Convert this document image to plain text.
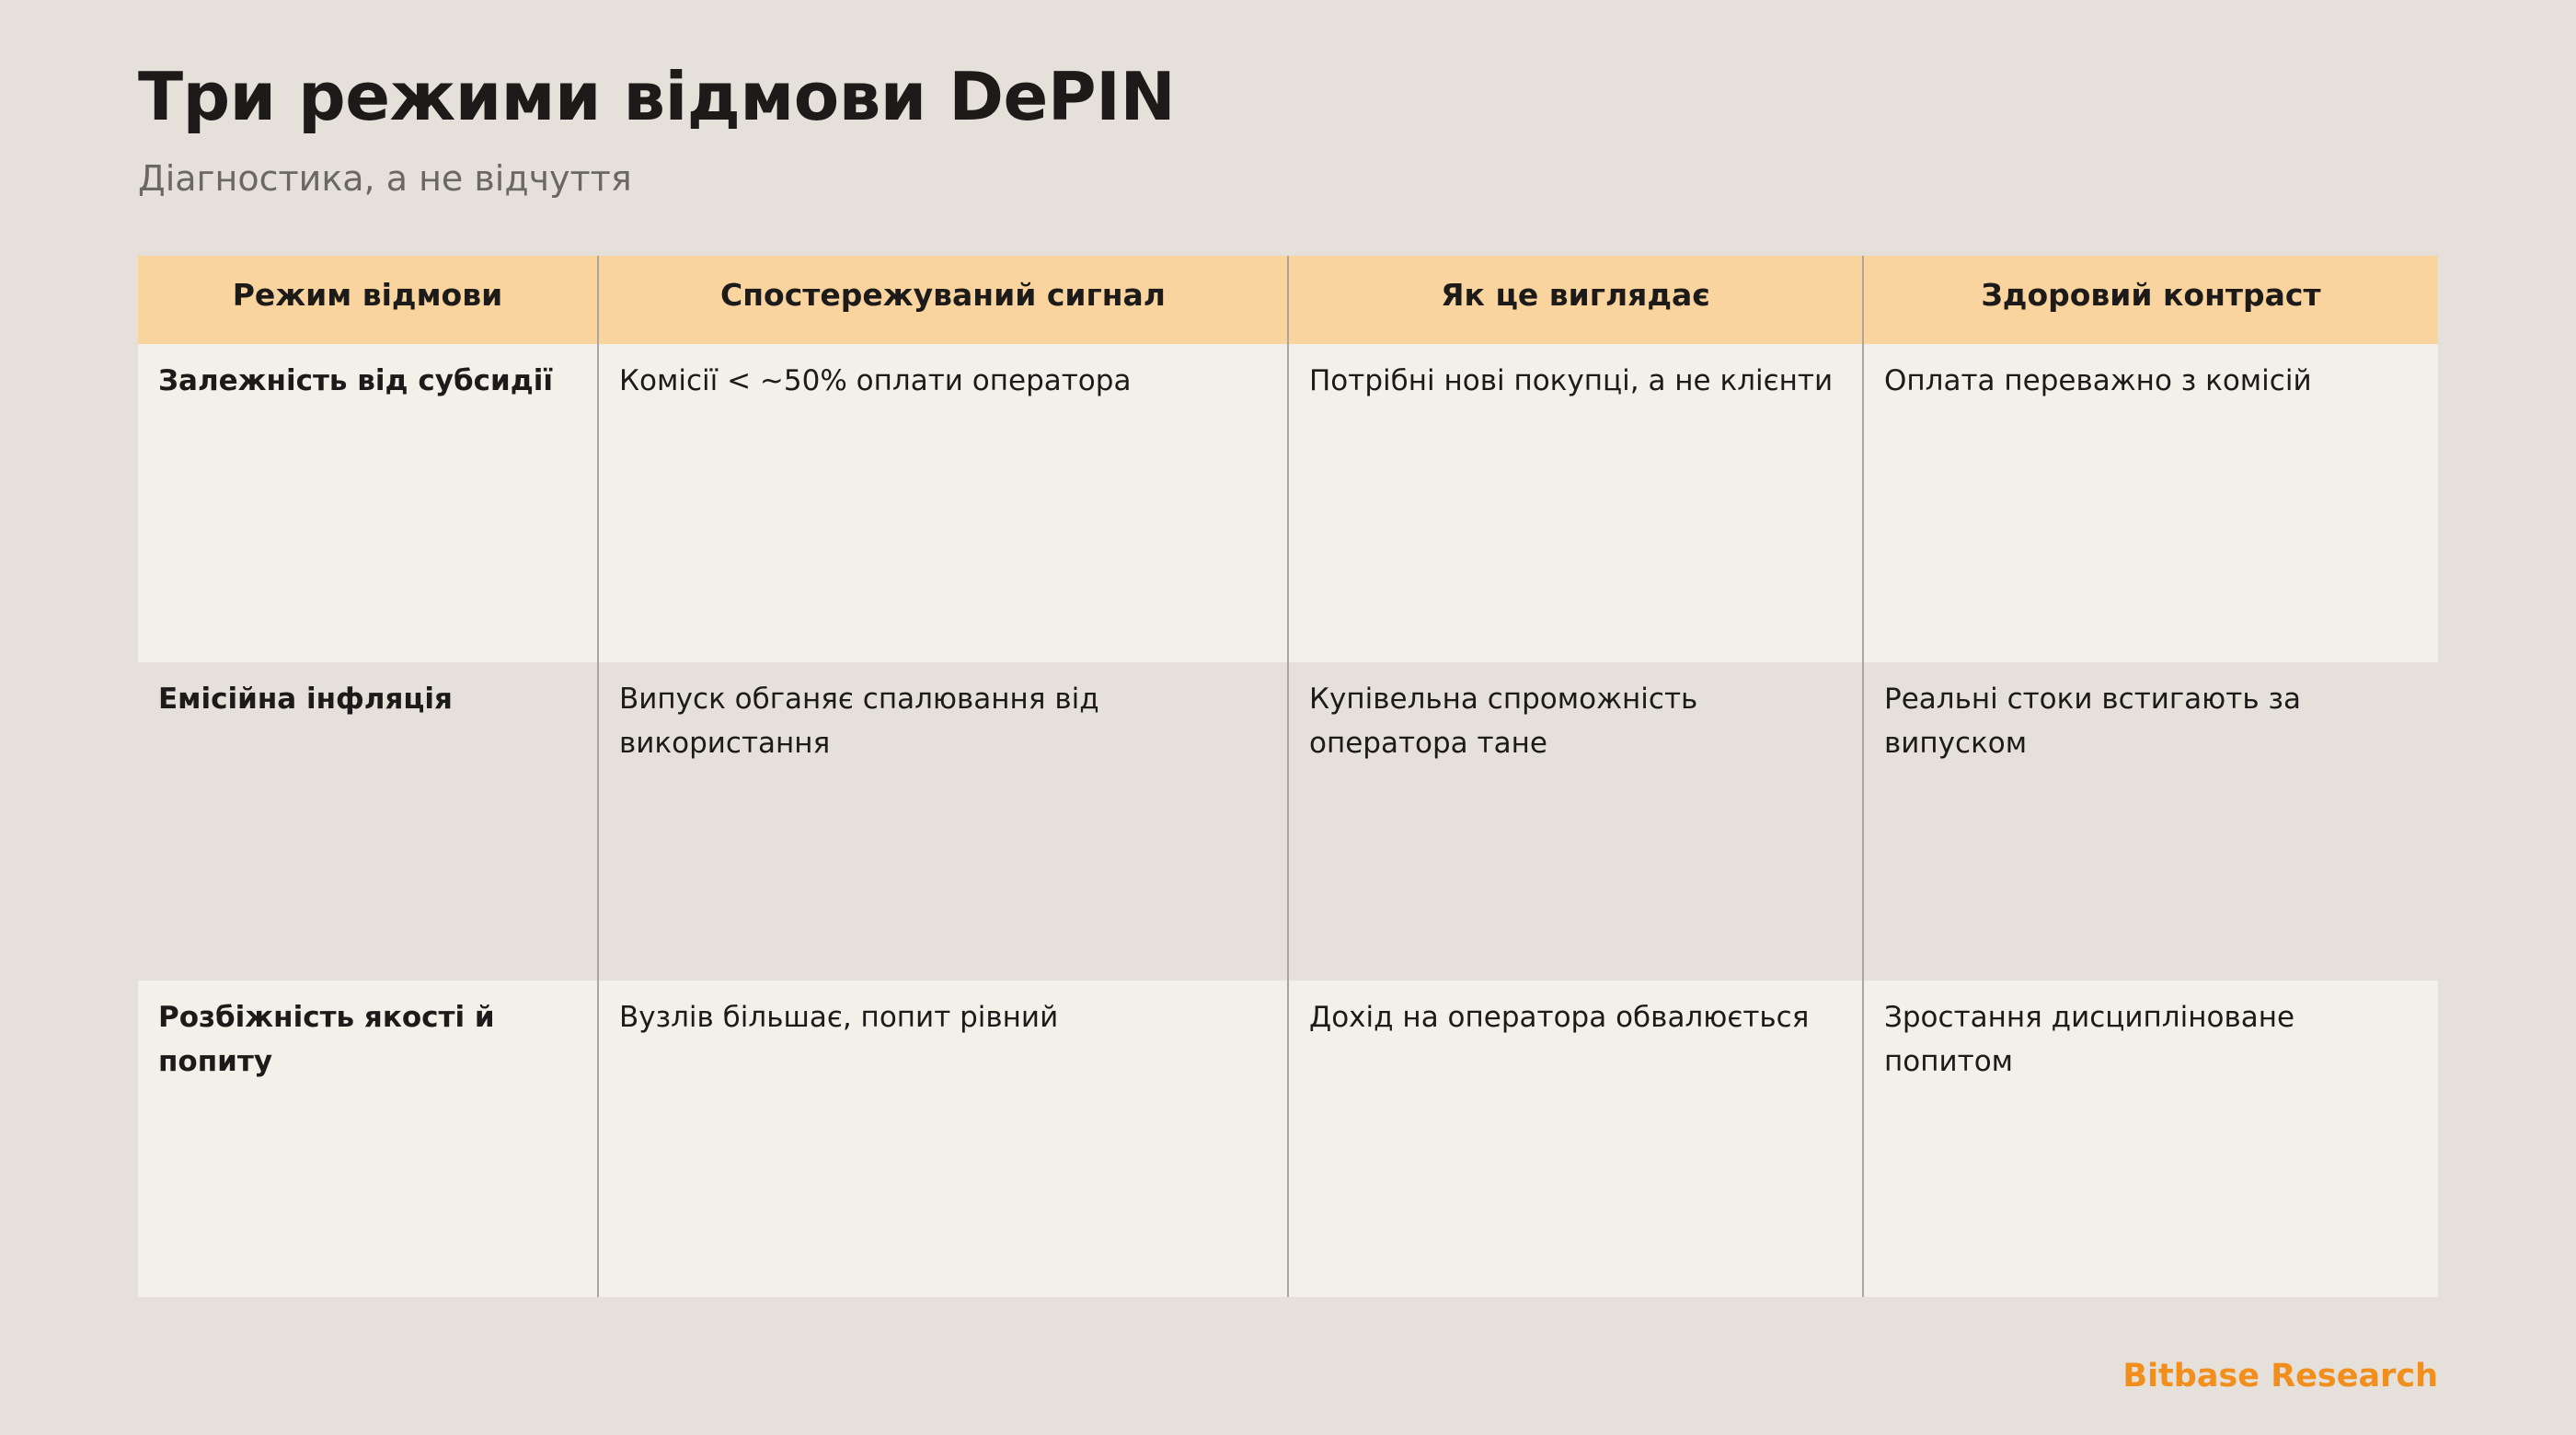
Три режими відмови DePIN

Діагностика, а не відчуття

Режим відмови	Спостережуваний сигнал	Як це виглядає	Здоровий контраст
Залежність від субсидії	Комісії < ~50% оплати оператора	Потрібні нові покупці, а не клієнти	Оплата переважно з комісій
Емісійна інфляція	Випуск обганяє спалювання від використання	Купівельна спроможність оператора тане	Реальні стоки встигають за випуском
Розбіжність якості й попиту	Вузлів більшає, попит рівний	Дохід на оператора обвалюється	Зростання дисципліноване попитом
Bitbase Research
